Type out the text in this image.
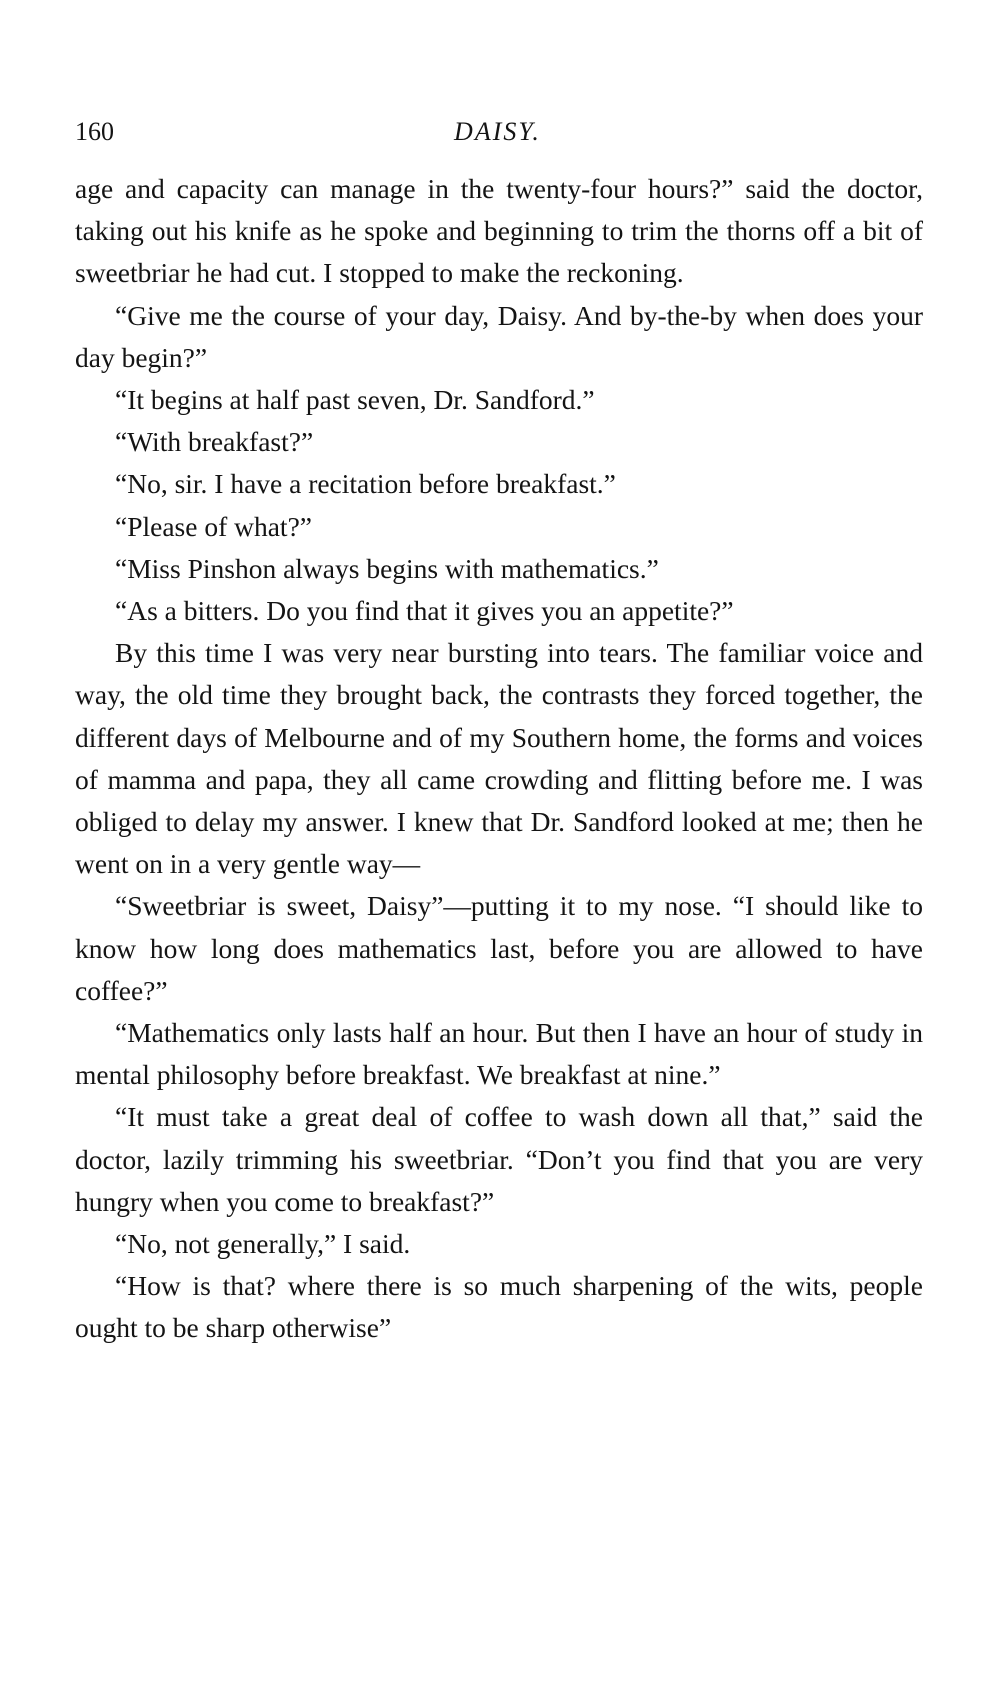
160	DAISY.

age and capacity can manage in the twenty-four hours?” said the doctor, taking out his knife as he spoke and beginning to trim the thorns off a bit of sweetbriar he had cut. I stopped to make the reckoning.

“Give me the course of your day, Daisy. And by-the-by when does your day begin?”

“It begins at half past seven, Dr. Sandford.”

“With breakfast?”

“No, sir. I have a recitation before breakfast.”

“Please of what?”

“Miss Pinshon always begins with mathematics.”

“As a bitters. Do you find that it gives you an appetite?”

By this time I was very near bursting into tears. The familiar voice and way, the old time they brought back, the contrasts they forced together, the different days of Melbourne and of my Southern home, the forms and voices of mamma and papa, they all came crowding and flitting before me. I was obliged to delay my answer. I knew that Dr. Sandford looked at me; then he went on in a very gentle way—

“Sweetbriar is sweet, Daisy”—putting it to my nose. “I should like to know how long does mathematics last, before you are allowed to have coffee?”

“Mathematics only lasts half an hour. But then I have an hour of study in mental philosophy before breakfast. We breakfast at nine.”

“It must take a great deal of coffee to wash down all that,” said the doctor, lazily trimming his sweetbriar. “Don’t you find that you are very hungry when you come to breakfast?”

“No, not generally,” I said.

“How is that? where there is so much sharpening of the wits, people ought to be sharp otherwise”
